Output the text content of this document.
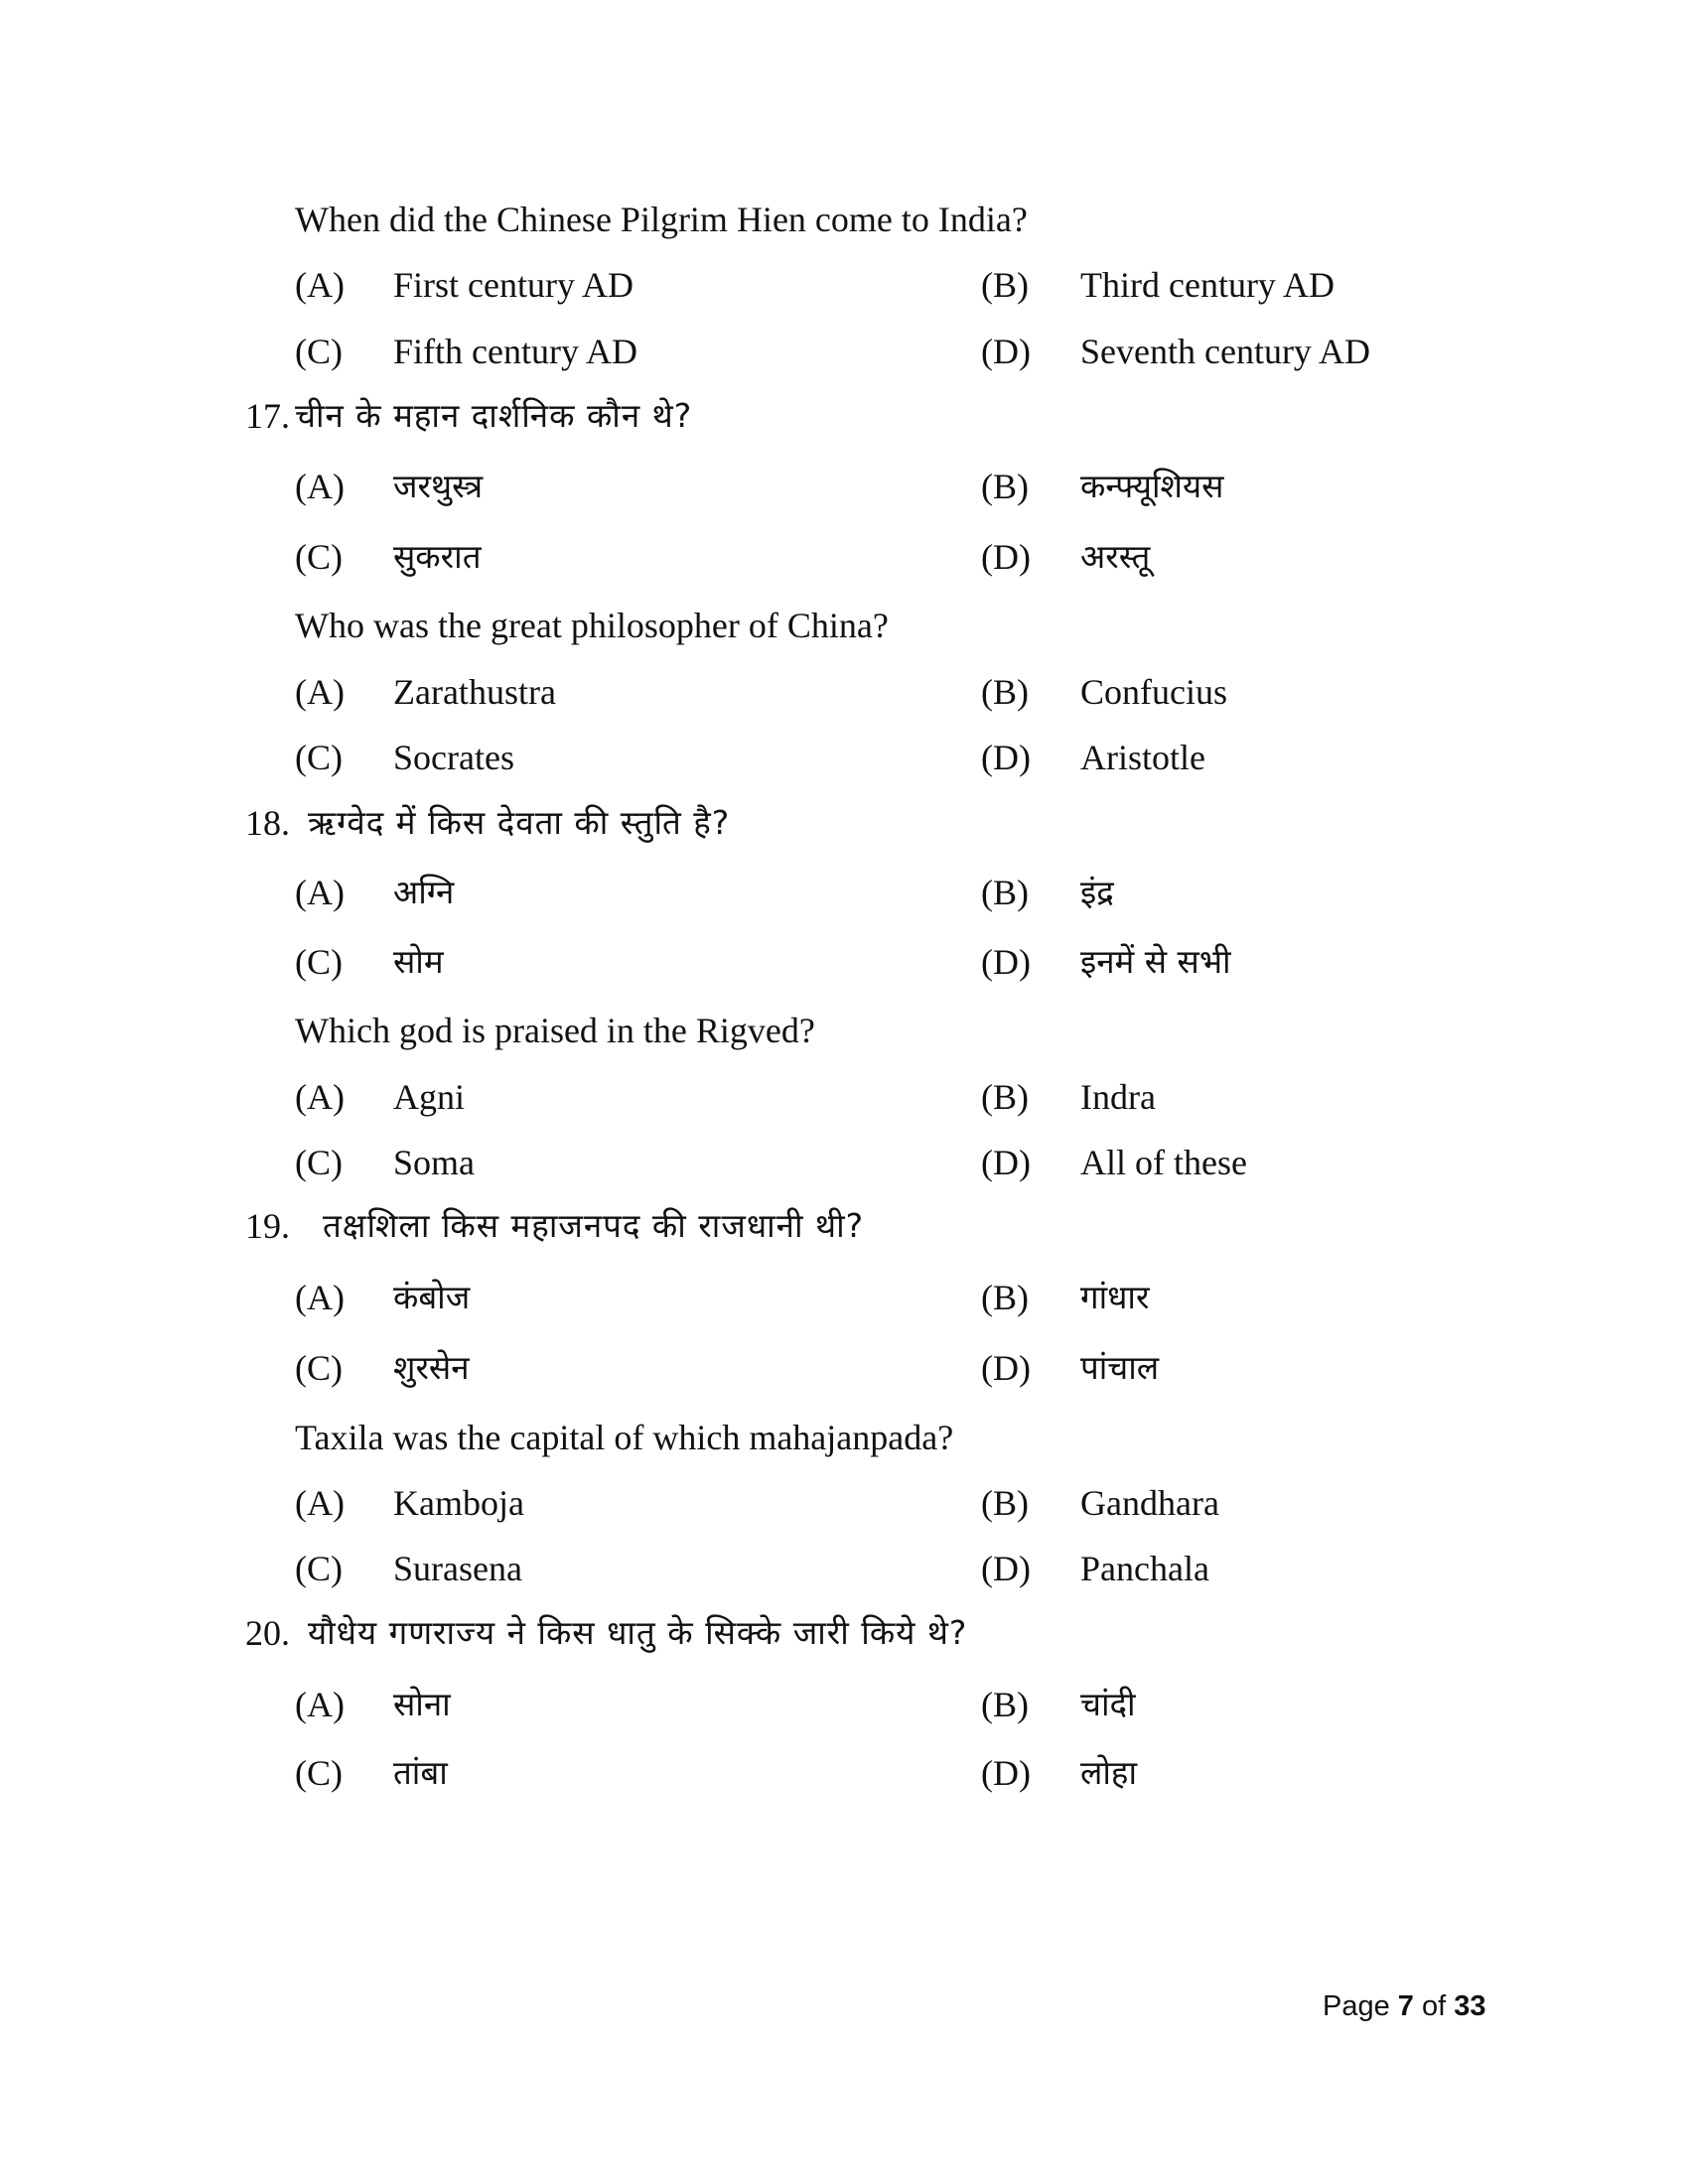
When did the Chinese Pilgrim Hien come to India?
(A) First century AD	(B) Third century AD
(C) Fifth century AD	(D) Seventh century AD
17. चीन के महान दार्शनिक कौन थे?
(A) जरथुस्त्र	(B) कन्फ्यूशियस
(C) सुकरात	(D) अरस्तू
Who was the great philosopher of China?
(A) Zarathustra	(B) Confucius
(C) Socrates	(D) Aristotle
18. ऋग्वेद में किस देवता की स्तुति है?
(A) अग्नि	(B) इंद्र
(C) सोम	(D) इनमें से सभी
Which god is praised in the Rigved?
(A) Agni	(B) Indra
(C) Soma	(D) All of these
19. तक्षशिला किस महाजनपद की राजधानी थी?
(A) कंबोज	(B) गांधार
(C) शुरसेन	(D) पांचाल
Taxila was the capital of which mahajanpada?
(A) Kamboja	(B) Gandhara
(C) Surasena	(D) Panchala
20. यौधेय गणराज्य ने किस धातु के सिक्के जारी किये थे?
(A) सोना	(B) चांदी
(C) तांबा	(D) लोहा
Page 7 of 33
